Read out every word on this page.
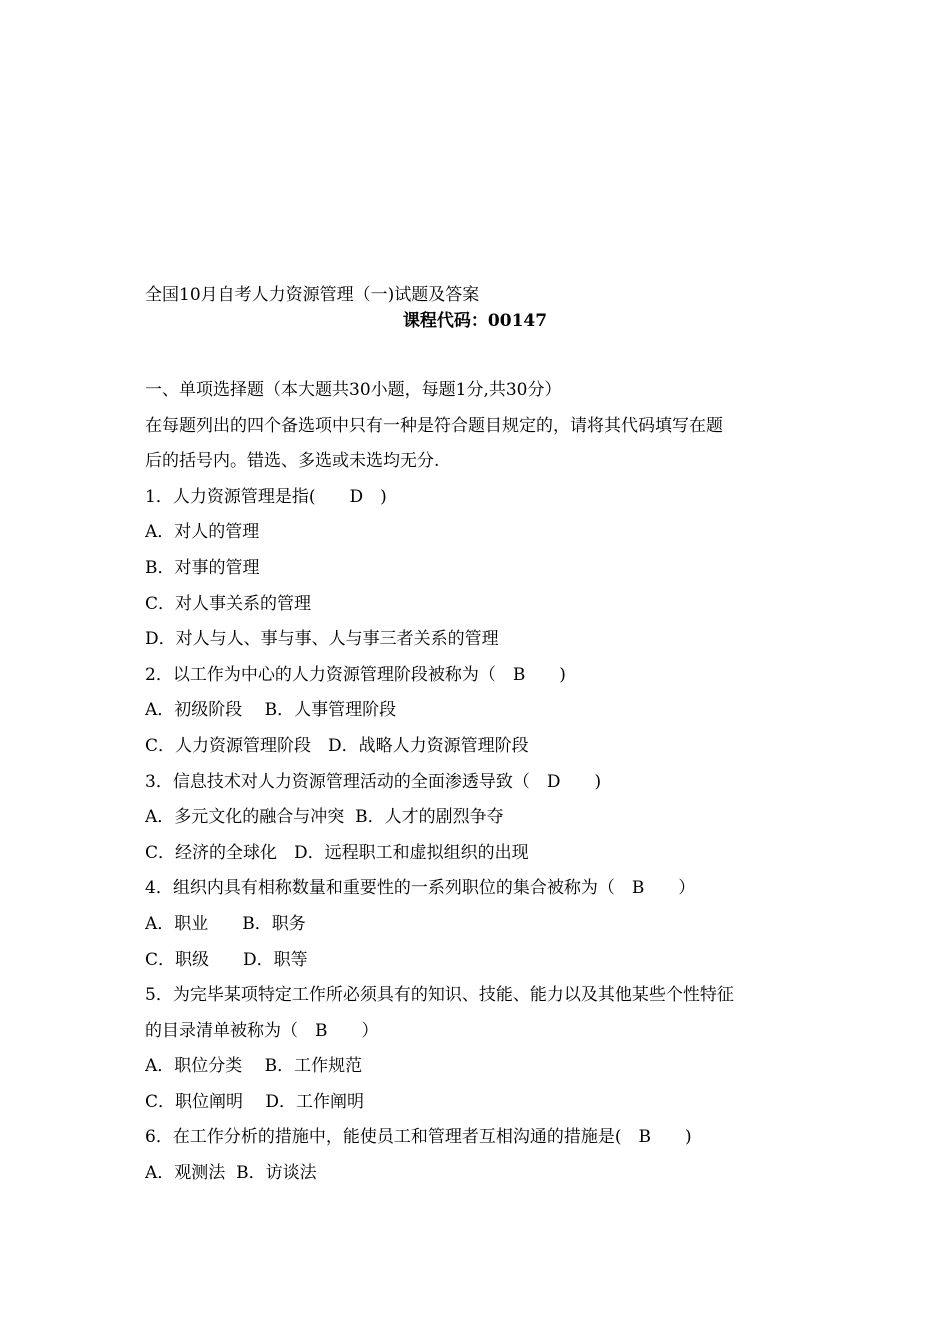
全国10月自考人力资源管理（一)试题及答案
课程代码：00147
一、单项选择题（本大题共30小题，每题1分,共30分）
在每题列出的四个备选项中只有一种是符合题目规定的，请将其代码填写在题
后的括号内。错选、多选或未选均无分.
1．人力资源管理是指(　　D　)
A．对人的管理
B．对事的管理
C．对人事关系的管理
D．对人与人、事与事、人与事三者关系的管理
2．以工作为中心的人力资源管理阶段被称为（　B　　)
A．初级阶段　 B．人事管理阶段
C．人力资源管理阶段　D．战略人力资源管理阶段
3．信息技术对人力资源管理活动的全面渗透导致（　D　　)
A．多元文化的融合与冲突  B．人才的剧烈争夺
C．经济的全球化　D．远程职工和虚拟组织的出现
4．组织内具有相称数量和重要性的一系列职位的集合被称为（　B　　）
A．职业　　B．职务
C．职级　　D．职等
5．为完毕某项特定工作所必须具有的知识、技能、能力以及其他某些个性特征
的目录清单被称为（　B　　）
A．职位分类　 B．工作规范
C．职位阐明　 D．工作阐明
6．在工作分析的措施中，能使员工和管理者互相沟通的措施是(　B　　)
A．观测法  B．访谈法
